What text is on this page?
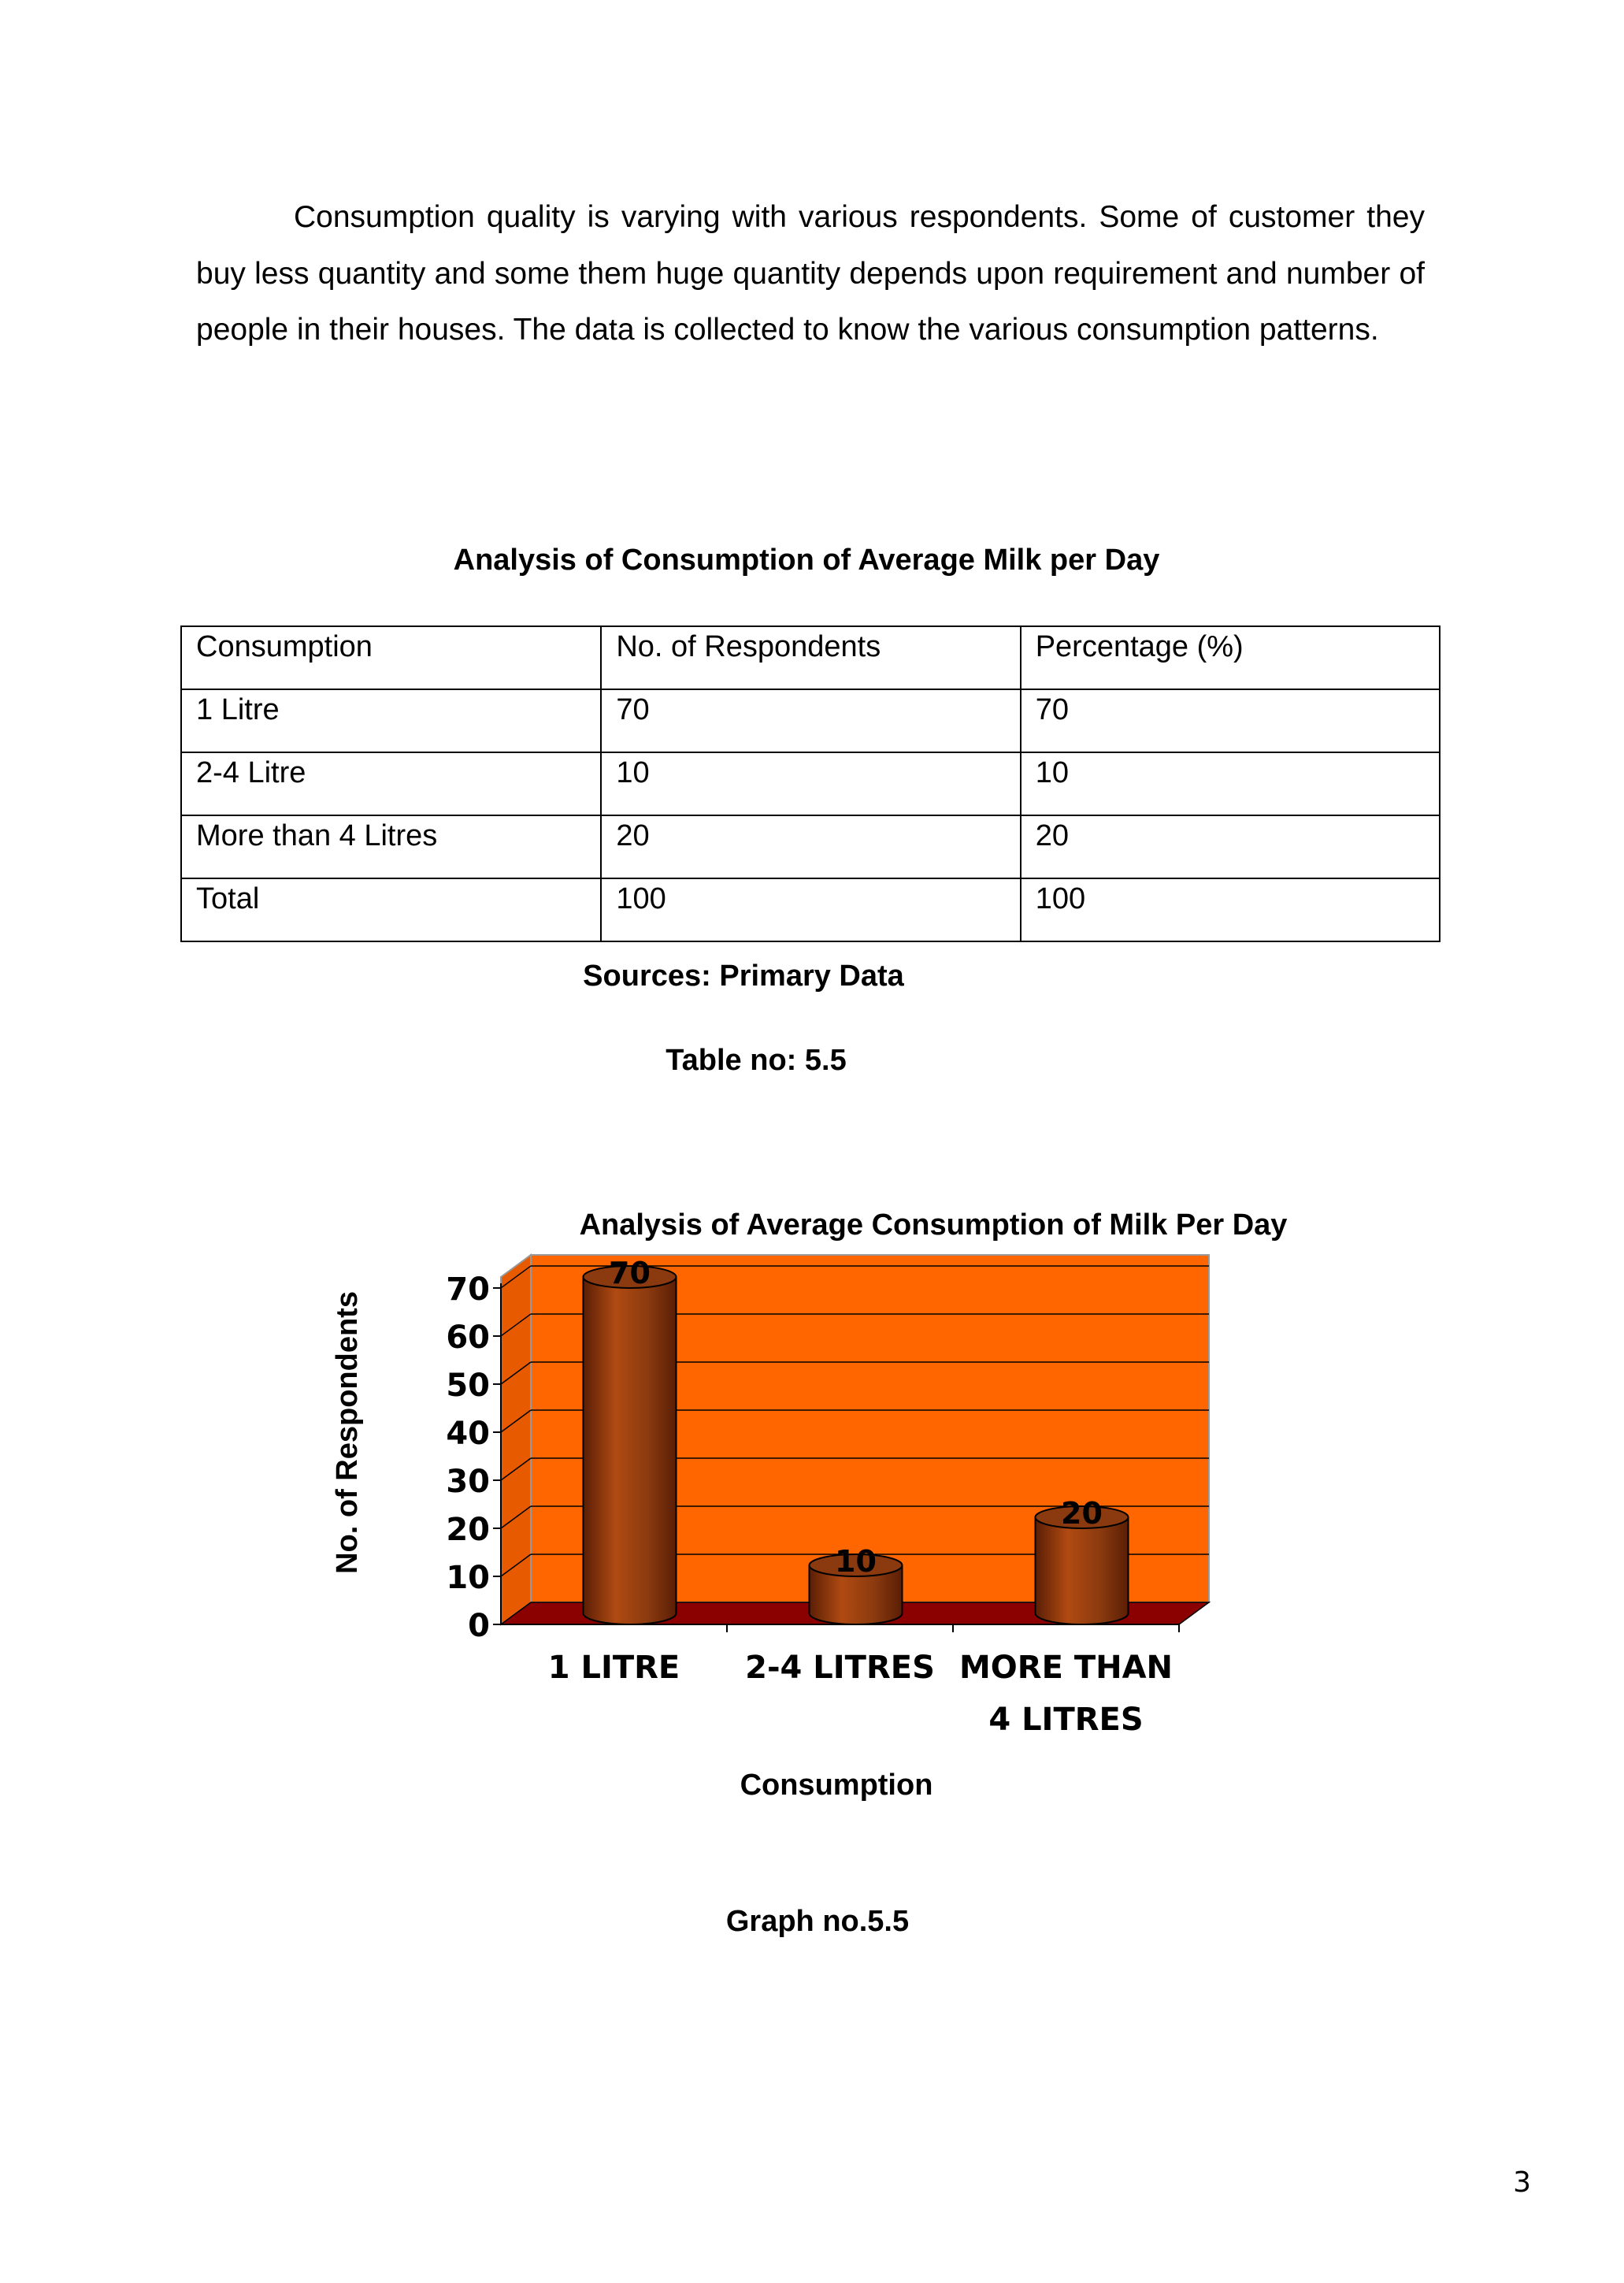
Consumption quality is varying with various respondents. Some of customer they buy less quantity and some them huge quantity depends upon requirement and number of people in their houses. The data is collected to know the various consumption patterns.

Analysis of Consumption of Average Milk per Day

Consumption	No. of Respondents	Percentage (%)
1 Litre	70	70
2-4 Litre	10	10
More than 4 Litres	20	20
Total	100	100

Sources: Primary Data

Table no: 5.5

Analysis of Average Consumption of Milk Per Day
0
10
20
30
40
50
60
70
No. of Respondents
70
1 LITRE
10
2-4 LITRES
20
MORE THAN 4 LITRES
Consumption

Graph no.5.5

3
